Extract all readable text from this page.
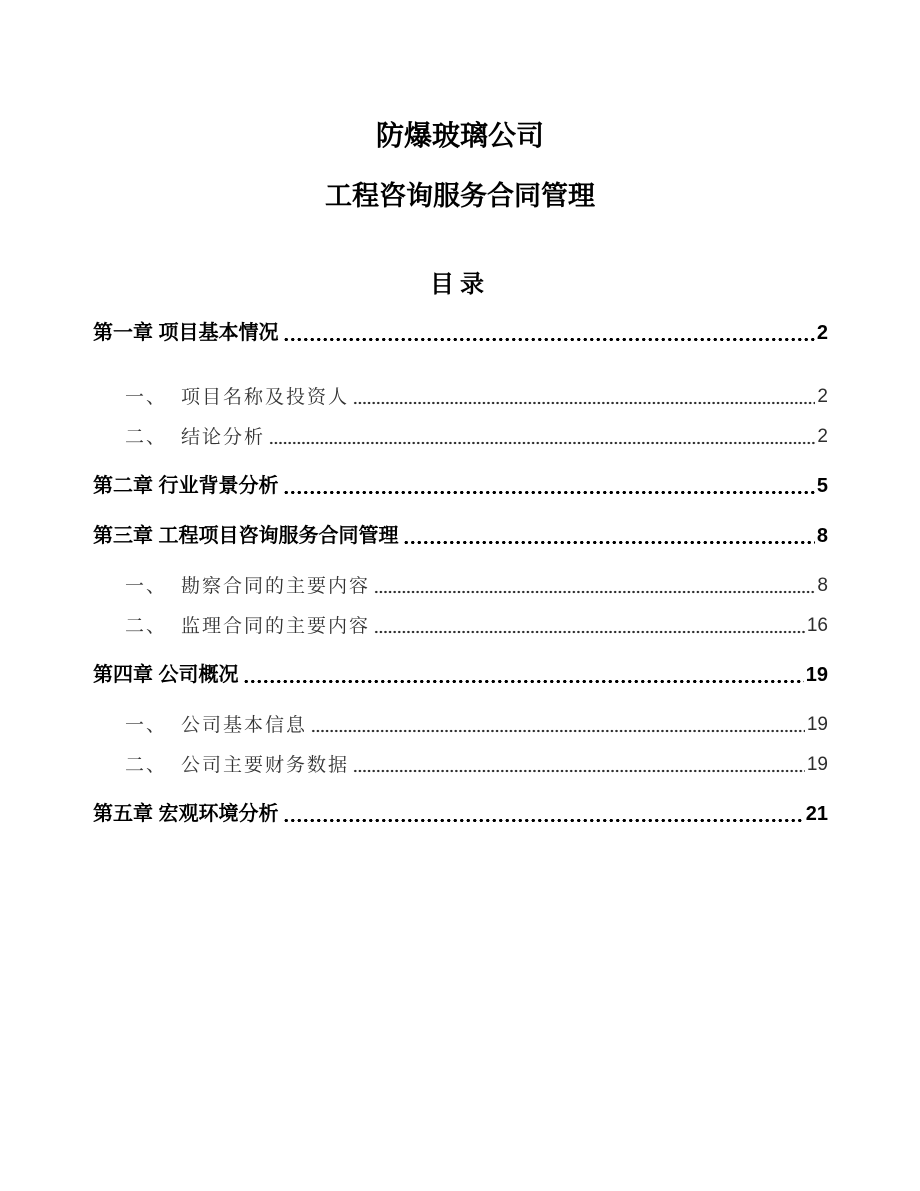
防爆玻璃公司
工程咨询服务合同管理
目录
第一章 项目基本情况	2
一、 项目名称及投资人	2
二、 结论分析	2
第二章 行业背景分析	5
第三章 工程项目咨询服务合同管理	8
一、 勘察合同的主要内容	8
二、 监理合同的主要内容	16
第四章 公司概况	19
一、 公司基本信息	19
二、 公司主要财务数据	19
第五章 宏观环境分析	21
